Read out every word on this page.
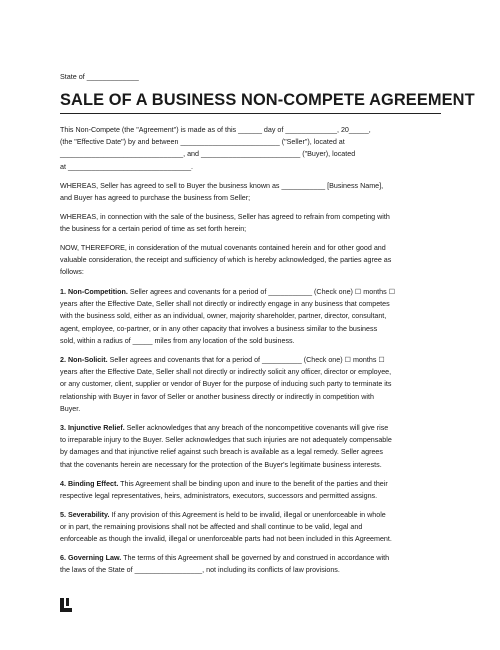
State of _____________
SALE OF A BUSINESS NON-COMPETE AGREEMENT

This Non-Compete (the "Agreement") is made as of this ______ day of _____________, 20_____,
(the "Effective Date") by and between _________________________ ("Seller"), located at
_______________________________, and _________________________ ("Buyer), located
at _______________________________.

WHEREAS, Seller has agreed to sell to Buyer the business known as ___________ [Business Name],
and Buyer has agreed to purchase the business from Seller;

WHEREAS, in connection with the sale of the business, Seller has agreed to refrain from competing with
the business for a certain period of time as set forth herein;

NOW, THEREFORE, in consideration of the mutual covenants contained herein and for other good and
valuable consideration, the receipt and sufficiency of which is hereby acknowledged, the parties agree as
follows:

1. Non-Competition. Seller agrees and covenants for a period of ___________ (Check one) ☐ months ☐
years after the Effective Date, Seller shall not directly or indirectly engage in any business that competes
with the business sold, either as an individual, owner, majority shareholder, partner, director, consultant,
agent, employee, co-partner, or in any other capacity that involves a business similar to the business
sold, within a radius of _____ miles from any location of the sold business.

2. Non-Solicit. Seller agrees and covenants that for a period of __________ (Check one) ☐ months ☐
years after the Effective Date, Seller shall not directly or indirectly solicit any officer, director or employee,
or any customer, client, supplier or vendor of Buyer for the purpose of inducing such party to terminate its
relationship with Buyer in favor of Seller or another business directly or indirectly in competition with
Buyer.

3. Injunctive Relief. Seller acknowledges that any breach of the noncompetitive covenants will give rise
to irreparable injury to the Buyer. Seller acknowledges that such injuries are not adequately compensable
by damages and that injunctive relief against such breach is available as a legal remedy. Seller agrees
that the covenants herein are necessary for the protection of the Buyer's legitimate business interests.

4. Binding Effect. This Agreement shall be binding upon and inure to the benefit of the parties and their
respective legal representatives, heirs, administrators, executors, successors and permitted assigns.

5. Severability. If any provision of this Agreement is held to be invalid, illegal or unenforceable in whole
or in part, the remaining provisions shall not be affected and shall continue to be valid, legal and
enforceable as though the invalid, illegal or unenforceable parts had not been included in this Agreement.

6. Governing Law. The terms of this Agreement shall be governed by and construed in accordance with
the laws of the State of _________________, not including its conflicts of law provisions.
